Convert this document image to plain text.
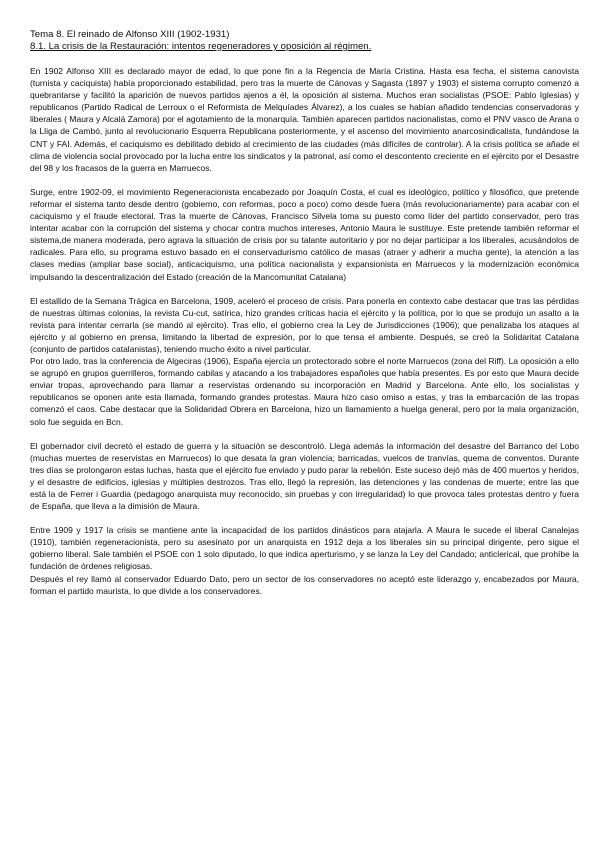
Tema 8. El reinado de Alfonso XIII (1902-1931)

8.1. La crisis de la Restauración: intentos regeneradores y oposición al régimen.

En 1902 Alfonso XIII es declarado mayor de edad, lo que pone fin a la Regencia de María Cristina. Hasta esa fecha, el sistema canovista (turnista y caciquista) había proporcionado estabilidad, pero tras la muerte de Cánovas y Sagasta (1897 y 1903) el sistema corrupto comenzó a quebrantarse y facilitó la aparición de nuevos partidos ajenos a él, la oposición al sistema. Muchos eran socialistas (PSOE: Pablo Iglesias) y republicanos (Partido Radical de Lerroux o el Reformista de Melquíades Álvarez), a los cuales se habían añadido tendencias conservadoras y liberales ( Maura y Alcalá Zamora) por el agotamiento de la monarquía. También aparecen partidos nacionalistas, como el PNV vasco de Arana o la Lliga de Cambó, junto al revolucionario Esquerra Republicana posteriormente, y el ascenso del movimiento anarcosindicalista, fundándose la CNT y FAI. Además, el caciquismo es debilitado debido al crecimiento de las ciudades (más difíciles de controlar). A la crisis política se añade el clima de violencia social provocado por la lucha entre los sindicatos y la patronal, así como el descontento creciente en el ejército por el Desastre del 98 y los fracasos de la guerra en Marruecos.

Surge, entre 1902-09, el movimiento Regeneracionista encabezado por Joaquín Costa, el cual es ideológico, político y filosófico, que pretende reformar el sistema tanto desde dentro (gobierno, con reformas, poco a poco) como desde fuera (más revolucionariamente) para acabar con el caciquismo y el fraude electoral. Tras la muerte de Cánovas, Francisco Silvela toma su puesto como líder del partido conservador, pero tras intentar acabar con la corrupción del sistema y chocar contra muchos intereses, Antonio Maura le sustituye. Este pretende también reformar el sistema,de manera moderada, pero agrava la situación de crisis por su talante autoritario y por no dejar participar a los liberales, acusándolos de radicales. Para ello, su programa estuvo basado en el conservadurismo católico de masas (atraer y adherir a mucha gente), la atención a las clases medias (ampliar base social), anticaciquismo, una política nacionalista y expansionista en Marruecos y la modernización económica impulsando la descentralización del Estado (creación de la Mancomunitat Catalana)

El estallido de la Semana Trágica en Barcelona, 1909, aceleró el proceso de crisis. Para ponerla en contexto cabe destacar que tras las pérdidas de nuestras últimas colonias, la revista Cu-cut, satírica, hizo grandes críticas hacia el ejército y la política, por lo que se produjo un asalto a la revista para intentar cerrarla (se mandó al ejército). Tras ello, el gobierno crea la Ley de Jurisdicciones (1906); que penalizaba los ataques al ejército y al gobierno en prensa, limitando la libertad de expresión, por lo que tensa el ambiente. Después, se creó la Solidaritat Catalana (conjunto de partidos catalanistas), teniendo mucho éxito a nivel particular.

Por otro lado, tras la conferencia de Algeciras (1906), España ejercía un protectorado sobre el norte Marruecos (zona del Riff). La oposición a ello se agrupó en grupos guerrilleros, formando cabilas y atacando a los trabajadores españoles que había presentes. Es por esto que Maura decide enviar tropas, aprovechando para llamar a reservistas ordenando su incorporación en Madrid y Barcelona. Ante ello, los socialistas y republicanos se oponen ante esta llamada, formando grandes protestas. Maura hizo caso omiso a estas, y tras la embarcación de las tropas comenzó el caos. Cabe destacar que la Solidaridad Obrera en Barcelona, hizo un llamamiento a huelga general, pero por la mala organización, solo fue seguida en Bcn.

El gobernador civil decretó el estado de guerra y la situación se descontroló. Llega además la información del desastre del Barranco del Lobo (muchas muertes de reservistas en Marruecos) lo que desata la gran violencia; barricadas, vuelcos de tranvías, quema de conventos. Durante tres días se prolongaron estas luchas, hasta que el ejército fue enviado y pudo parar la rebelión. Este suceso dejó más de 400 muertos y heridos, y el desastre de edificios, iglesias y múltiples destrozos. Tras ello, llegó la represión, las detenciones y las condenas de muerte; entre las que está la de Ferrer i Guardia (pedagogo anarquista muy reconocido, sin pruebas y con irregularidad) lo que provoca tales protestas dentro y fuera de España, que lleva a la dimisión de Maura.

Entre 1909 y 1917 la crisis se mantiene ante la incapacidad de los partidos dinásticos para atajarla. A Maura le sucede el liberal Canalejas (1910), también regeneracionista, pero su asesinato por un anarquista en 1912 deja a los liberales sin su principal dirigente, pero sigue el gobierno liberal. Sale también el PSOE con 1 solo diputado, lo que indica aperturismo, y se lanza la Ley del Candado; anticlerical, que prohíbe la fundación de órdenes religiosas.

Después el rey llamó al conservador Eduardo Dato, pero un sector de los conservadores no aceptó este liderazgo y, encabezados por Maura, forman el partido maurista, lo que divide a los conservadores.
